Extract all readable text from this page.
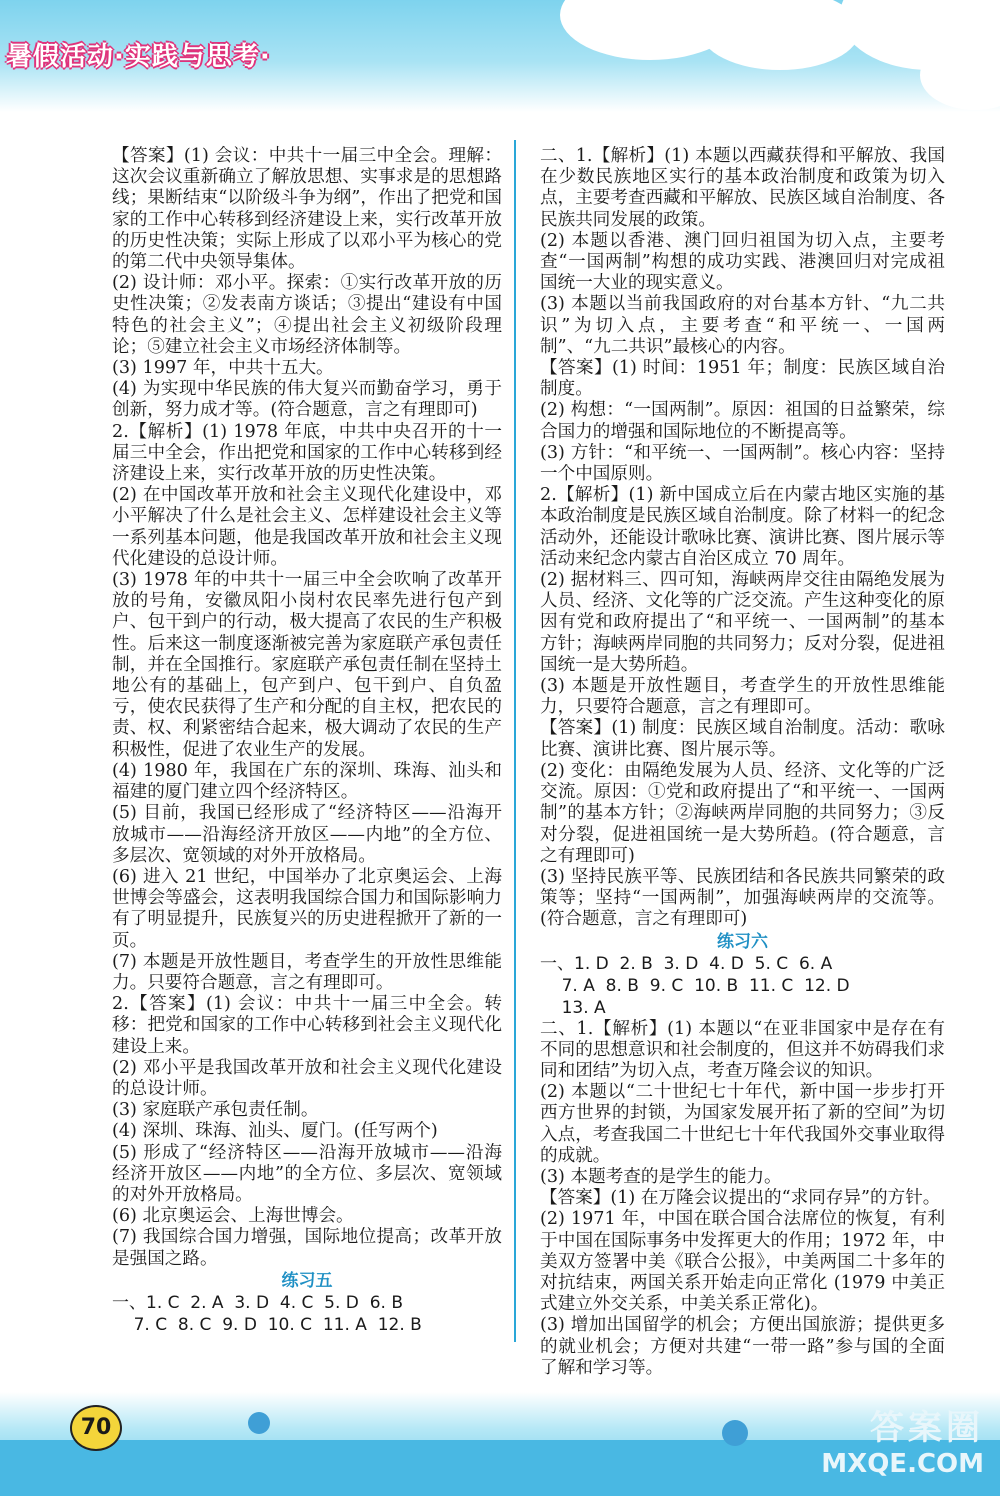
暑假活动·实践与思考·

【答案】(1) 会议：中共十一届三中全会。理解：这次会议重新确立了解放思想、实事求是的思想路线；果断结束“以阶级斗争为纲”，作出了把党和国家的工作中心转移到经济建设上来，实行改革开放的历史性决策；实际上形成了以邓小平为核心的党的第二代中央领导集体。

(2) 设计师：邓小平。探索：①实行改革开放的历史性决策；②发表南方谈话；③提出“建设有中国特色的社会主义”；④提出社会主义初级阶段理论；⑤建立社会主义市场经济体制等。

(3) 1997 年，中共十五大。

(4) 为实现中华民族的伟大复兴而勤奋学习，勇于创新，努力成才等。(符合题意，言之有理即可)

2.【解析】(1) 1978 年底，中共中央召开的十一届三中全会，作出把党和国家的工作中心转移到经济建设上来，实行改革开放的历史性决策。

(2) 在中国改革开放和社会主义现代化建设中，邓小平解决了什么是社会主义、怎样建设社会主义等一系列基本问题，他是我国改革开放和社会主义现代化建设的总设计师。

(3) 1978 年的中共十一届三中全会吹响了改革开放的号角，安徽凤阳小岗村农民率先进行包产到户、包干到户的行动，极大提高了农民的生产积极性。后来这一制度逐渐被完善为家庭联产承包责任制，并在全国推行。家庭联产承包责任制在坚持土地公有的基础上，包产到户、包干到户、自负盈亏，使农民获得了生产和分配的自主权，把农民的责、权、利紧密结合起来，极大调动了农民的生产积极性，促进了农业生产的发展。

(4) 1980 年，我国在广东的深圳、珠海、汕头和福建的厦门建立四个经济特区。

(5) 目前，我国已经形成了“经济特区——沿海开放城市——沿海经济开放区——内地”的全方位、多层次、宽领域的对外开放格局。

(6) 进入 21 世纪，中国举办了北京奥运会、上海世博会等盛会，这表明我国综合国力和国际影响力有了明显提升，民族复兴的历史进程掀开了新的一页。

(7) 本题是开放性题目，考查学生的开放性思维能力。只要符合题意，言之有理即可。

2.【答案】(1) 会议：中共十一届三中全会。转移：把党和国家的工作中心转移到社会主义现代化建设上来。

(2) 邓小平是我国改革开放和社会主义现代化建设的总设计师。

(3) 家庭联产承包责任制。

(4) 深圳、珠海、汕头、厦门。(任写两个)

(5) 形成了“经济特区——沿海开放城市——沿海经济开放区——内地”的全方位、多层次、宽领域的对外开放格局。

(6) 北京奥运会、上海世博会。

(7) 我国综合国力增强，国际地位提高；改革开放是强国之路。

练习五

一、1. C  2. A  3. D  4. C  5. D  6. B

7. C  8. C  9. D  10. C  11. A  12. B

二、1.【解析】(1) 本题以西藏获得和平解放、我国在少数民族地区实行的基本政治制度和政策为切入点，主要考查西藏和平解放、民族区域自治制度、各民族共同发展的政策。

(2) 本题以香港、澳门回归祖国为切入点，主要考查“一国两制”构想的成功实践、港澳回归对完成祖国统一大业的现实意义。

(3) 本题以当前我国政府的对台基本方针、“九二共识”为切入点，主要考查“和平统一、一国两制”、“九二共识”最核心的内容。

【答案】(1) 时间：1951 年；制度：民族区域自治制度。

(2) 构想：“一国两制”。原因：祖国的日益繁荣，综合国力的增强和国际地位的不断提高等。

(3) 方针：“和平统一、一国两制”。核心内容：坚持一个中国原则。

2.【解析】(1) 新中国成立后在内蒙古地区实施的基本政治制度是民族区域自治制度。除了材料一的纪念活动外，还能设计歌咏比赛、演讲比赛、图片展示等活动来纪念内蒙古自治区成立 70 周年。

(2) 据材料三、四可知，海峡两岸交往由隔绝发展为人员、经济、文化等的广泛交流。产生这种变化的原因有党和政府提出了“和平统一、一国两制”的基本方针；海峡两岸同胞的共同努力；反对分裂，促进祖国统一是大势所趋。

(3) 本题是开放性题目，考查学生的开放性思维能力，只要符合题意，言之有理即可。

【答案】(1) 制度：民族区域自治制度。活动：歌咏比赛、演讲比赛、图片展示等。

(2) 变化：由隔绝发展为人员、经济、文化等的广泛交流。原因：①党和政府提出了“和平统一、一国两制”的基本方针；②海峡两岸同胞的共同努力；③反对分裂，促进祖国统一是大势所趋。(符合题意，言之有理即可)

(3) 坚持民族平等、民族团结和各民族共同繁荣的政策等；坚持“一国两制”，加强海峡两岸的交流等。(符合题意，言之有理即可)

练习六

一、1. D  2. B  3. D  4. D  5. C  6. A

7. A  8. B  9. C  10. B  11. C  12. D

13. A

二、1.【解析】(1) 本题以“在亚非国家中是存在有不同的思想意识和社会制度的，但这并不妨碍我们求同和团结”为切入点，考查万隆会议的知识。

(2) 本题以“二十世纪七十年代，新中国一步步打开西方世界的封锁，为国家发展开拓了新的空间”为切入点，考查我国二十世纪七十年代我国外交事业取得的成就。

(3) 本题考查的是学生的能力。

【答案】(1) 在万隆会议提出的“求同存异”的方针。

(2) 1971 年，中国在联合国合法席位的恢复，有利于中国在国际事务中发挥更大的作用；1972 年，中美双方签署中美《联合公报》，中美两国二十多年的对抗结束，两国关系开始走向正常化 (1979 中美正式建立外交关系，中美关系正常化)。

(3) 增加出国留学的机会；方便出国旅游；提供更多的就业机会；方便对共建“一带一路”参与国的全面了解和学习等。

70	答案圈
MXQE.COM
